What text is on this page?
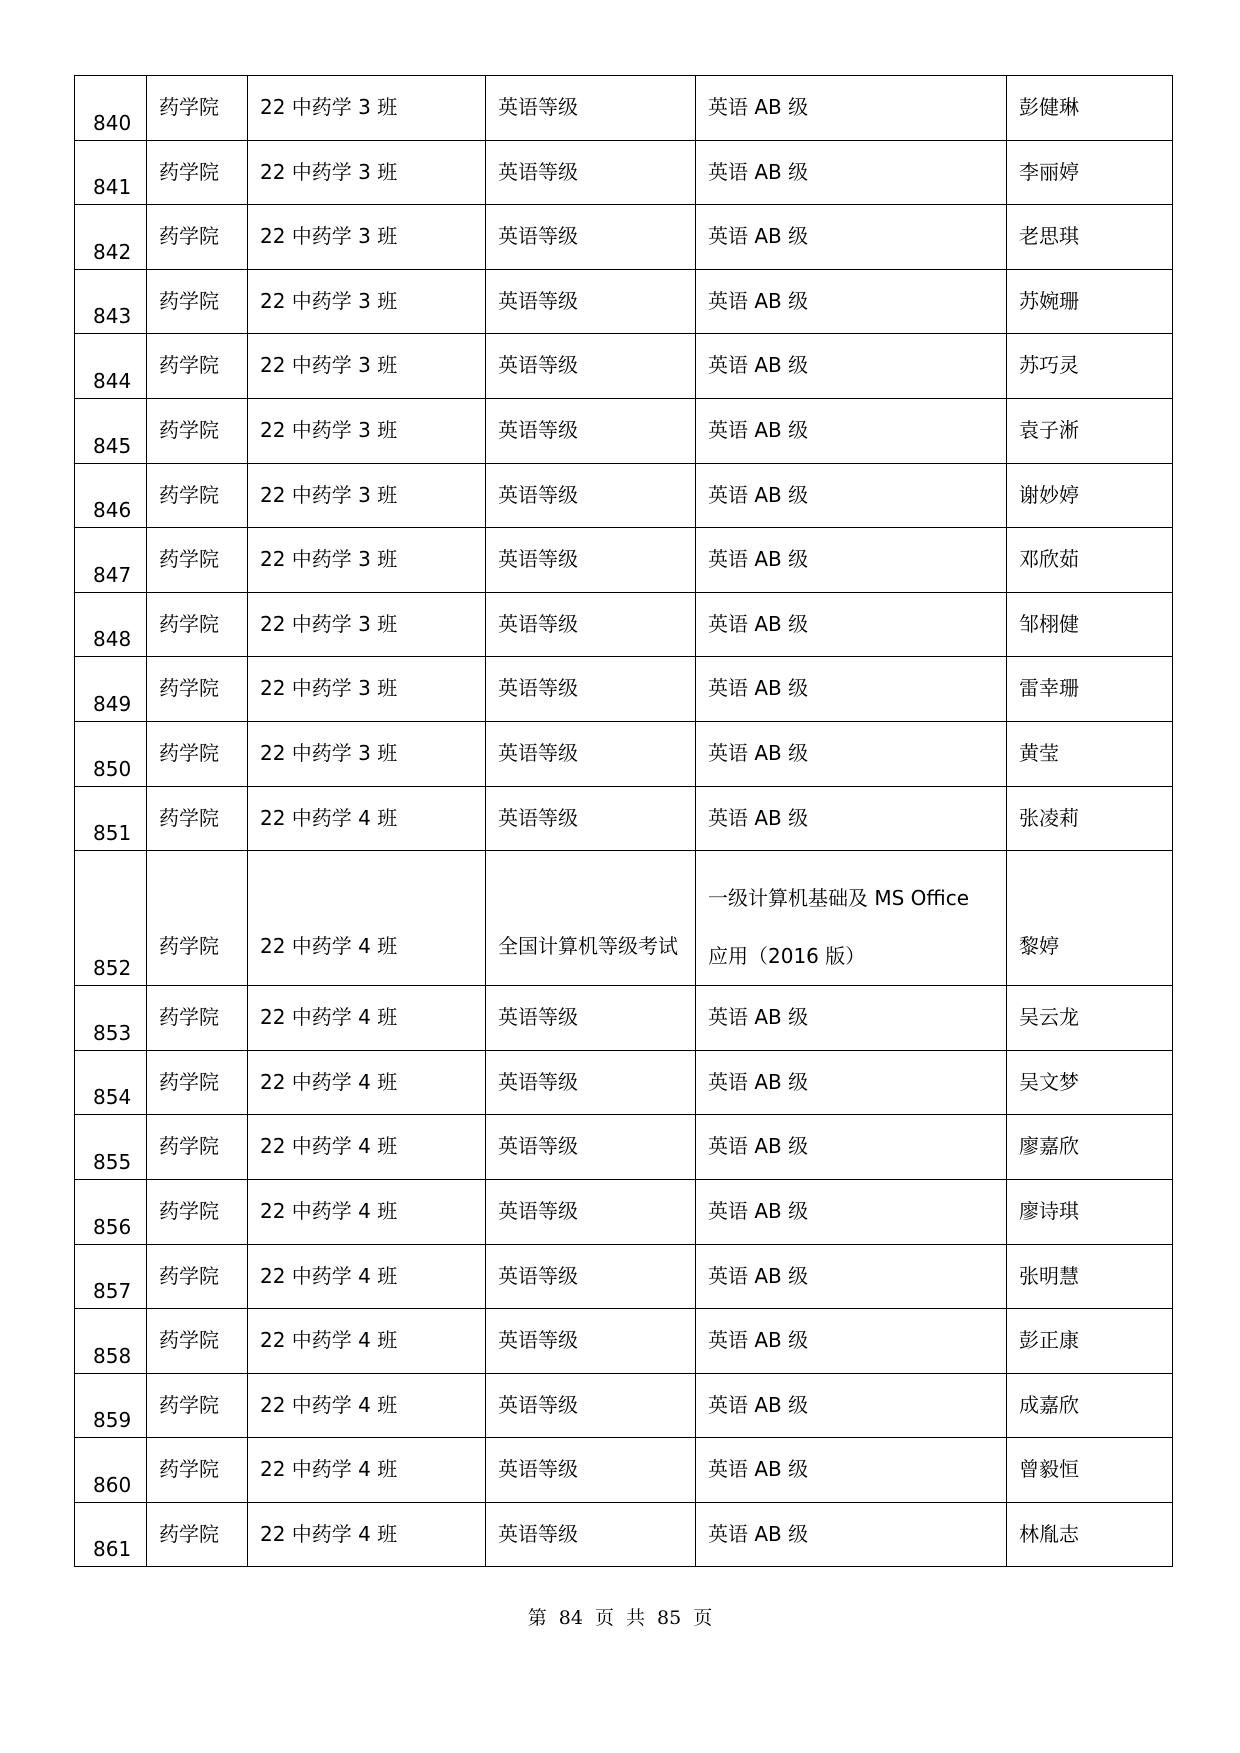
840	药学院	22 中药学 3 班	英语等级	英语 AB 级	彭健琳
841	药学院	22 中药学 3 班	英语等级	英语 AB 级	李丽婷
842	药学院	22 中药学 3 班	英语等级	英语 AB 级	老思琪
843	药学院	22 中药学 3 班	英语等级	英语 AB 级	苏婉珊
844	药学院	22 中药学 3 班	英语等级	英语 AB 级	苏巧灵
845	药学院	22 中药学 3 班	英语等级	英语 AB 级	袁子淅
846	药学院	22 中药学 3 班	英语等级	英语 AB 级	谢妙婷
847	药学院	22 中药学 3 班	英语等级	英语 AB 级	邓欣茹
848	药学院	22 中药学 3 班	英语等级	英语 AB 级	邹栩健
849	药学院	22 中药学 3 班	英语等级	英语 AB 级	雷幸珊
850	药学院	22 中药学 3 班	英语等级	英语 AB 级	黄莹
851	药学院	22 中药学 4 班	英语等级	英语 AB 级	张凌莉
852	药学院	22 中药学 4 班	全国计算机等级考试	一级计算机基础及 MS Office 应用（2016 版）	黎婷
853	药学院	22 中药学 4 班	英语等级	英语 AB 级	吴云龙
854	药学院	22 中药学 4 班	英语等级	英语 AB 级	吴文梦
855	药学院	22 中药学 4 班	英语等级	英语 AB 级	廖嘉欣
856	药学院	22 中药学 4 班	英语等级	英语 AB 级	廖诗琪
857	药学院	22 中药学 4 班	英语等级	英语 AB 级	张明慧
858	药学院	22 中药学 4 班	英语等级	英语 AB 级	彭正康
859	药学院	22 中药学 4 班	英语等级	英语 AB 级	成嘉欣
860	药学院	22 中药学 4 班	英语等级	英语 AB 级	曾毅恒
861	药学院	22 中药学 4 班	英语等级	英语 AB 级	林胤志
第 84 页 共 85 页
